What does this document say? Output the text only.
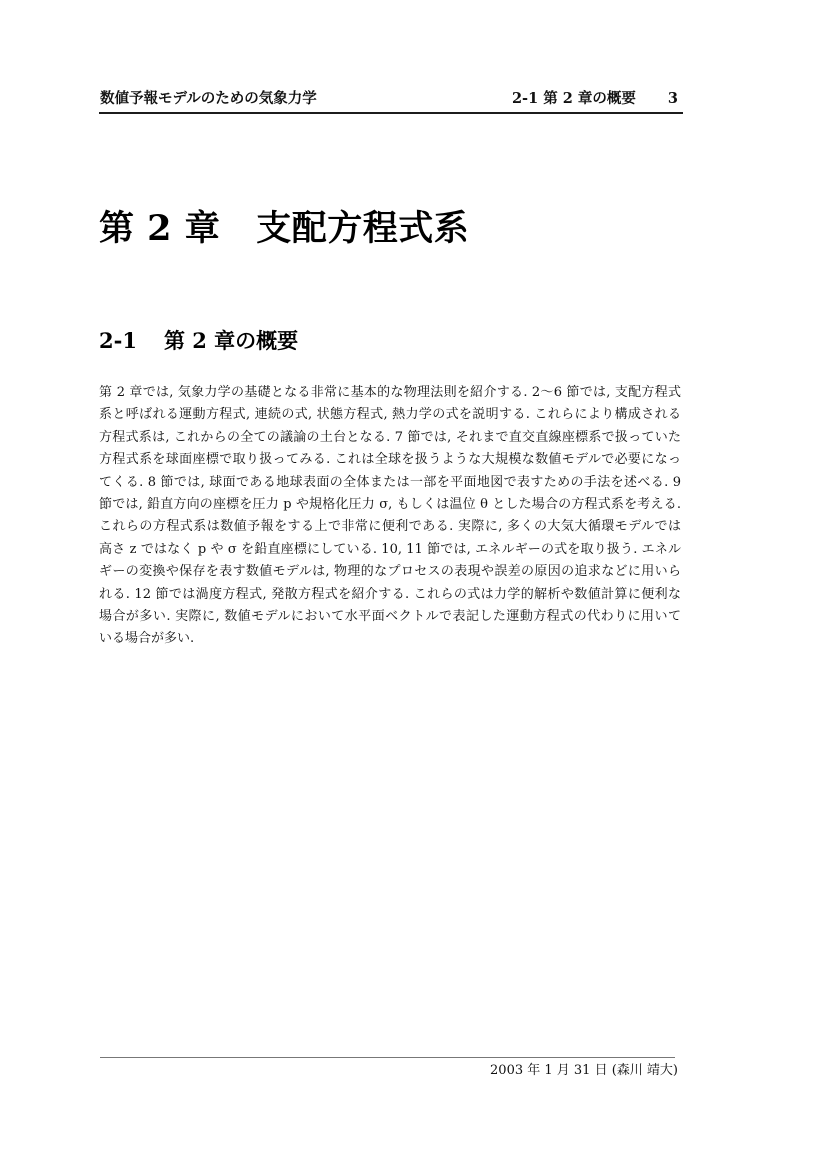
数値予報モデルのための気象力学	2-1 第 2 章の概要 3
第 2 章 支配方程式系
2-1 第 2 章の概要
第 2 章では, 気象力学の基礎となる非常に基本的な物理法則を紹介する. 2〜6 節では, 支配方程式
系と呼ばれる運動方程式, 連続の式, 状態方程式, 熱力学の式を説明する. これらにより構成される
方程式系は, これからの全ての議論の土台となる. 7 節では, それまで直交直線座標系で扱っていた
方程式系を球面座標で取り扱ってみる. これは全球を扱うような大規模な数値モデルで必要になっ
てくる. 8 節では, 球面である地球表面の全体または一部を平面地図で表すための手法を述べる. 9
節では, 鉛直方向の座標を圧力 p や規格化圧力 σ, もしくは温位 θ とした場合の方程式系を考える.
これらの方程式系は数値予報をする上で非常に便利である. 実際に, 多くの大気大循環モデルでは
高さ z ではなく p や σ を鉛直座標にしている. 10, 11 節では, エネルギーの式を取り扱う. エネル
ギーの変換や保存を表す数値モデルは, 物理的なプロセスの表現や誤差の原因の追求などに用いら
れる. 12 節では渦度方程式, 発散方程式を紹介する. これらの式は力学的解析や数値計算に便利な
場合が多い. 実際に, 数値モデルにおいて水平面ベクトルで表記した運動方程式の代わりに用いて
いる場合が多い.
2003 年 1 月 31 日 (森川 靖大)
